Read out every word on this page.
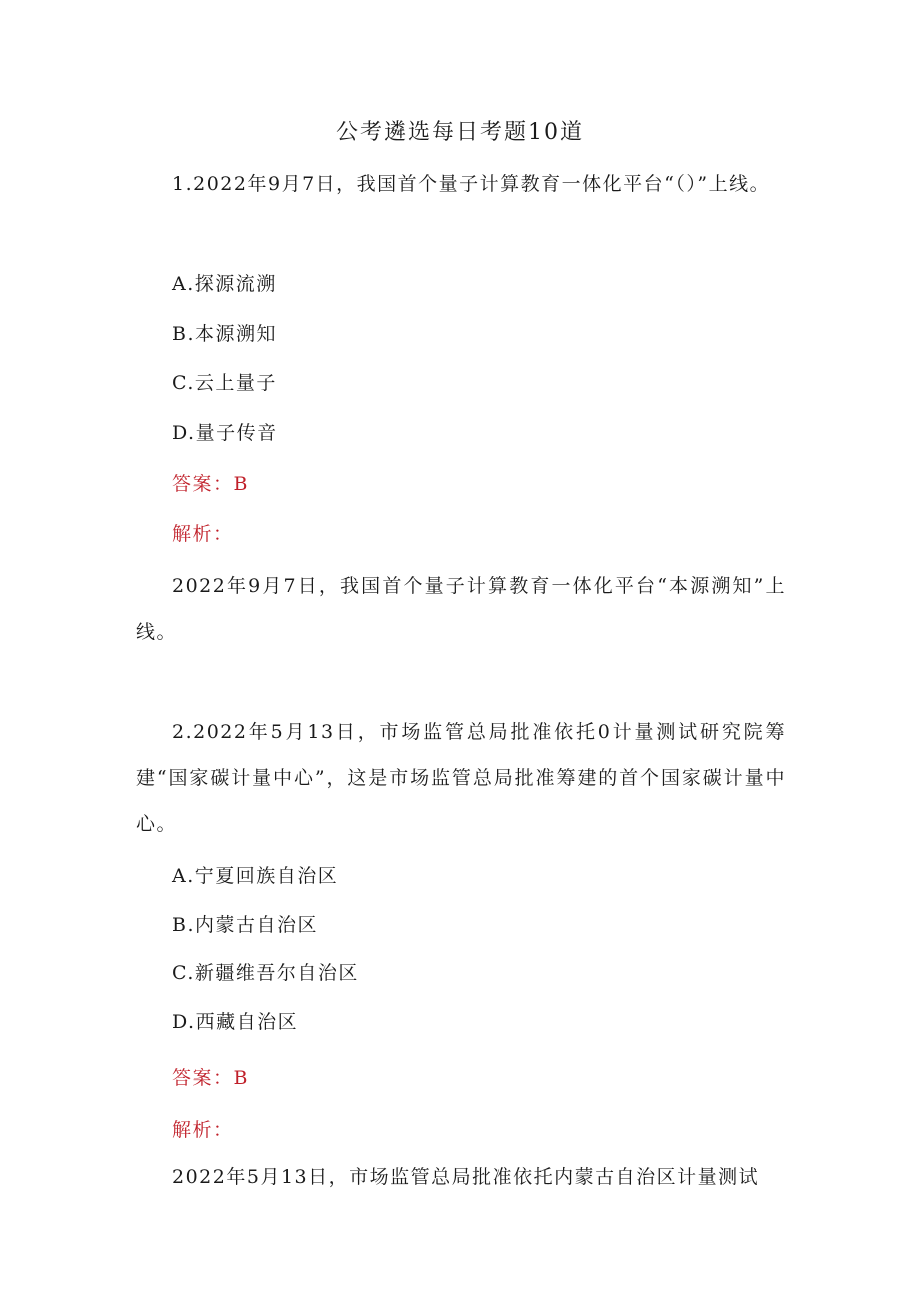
公考遴选每日考题10道

1.2022年9月7日，我国首个量子计算教育一体化平台“（）”上线。

A.探源流溯
B.本源溯知
C.云上量子
D.量子传音
答案：B
解析：

2022年9月7日，我国首个量子计算教育一体化平台“本源溯知”上线。

2.2022年5月13日，市场监管总局批准依托0计量测试研究院筹建“国家碳计量中心”，这是市场监管总局批准筹建的首个国家碳计量中心。

A.宁夏回族自治区
B.内蒙古自治区
C.新疆维吾尔自治区
D.西藏自治区
答案：B
解析：

2022年5月13日，市场监管总局批准依托内蒙古自治区计量测试
